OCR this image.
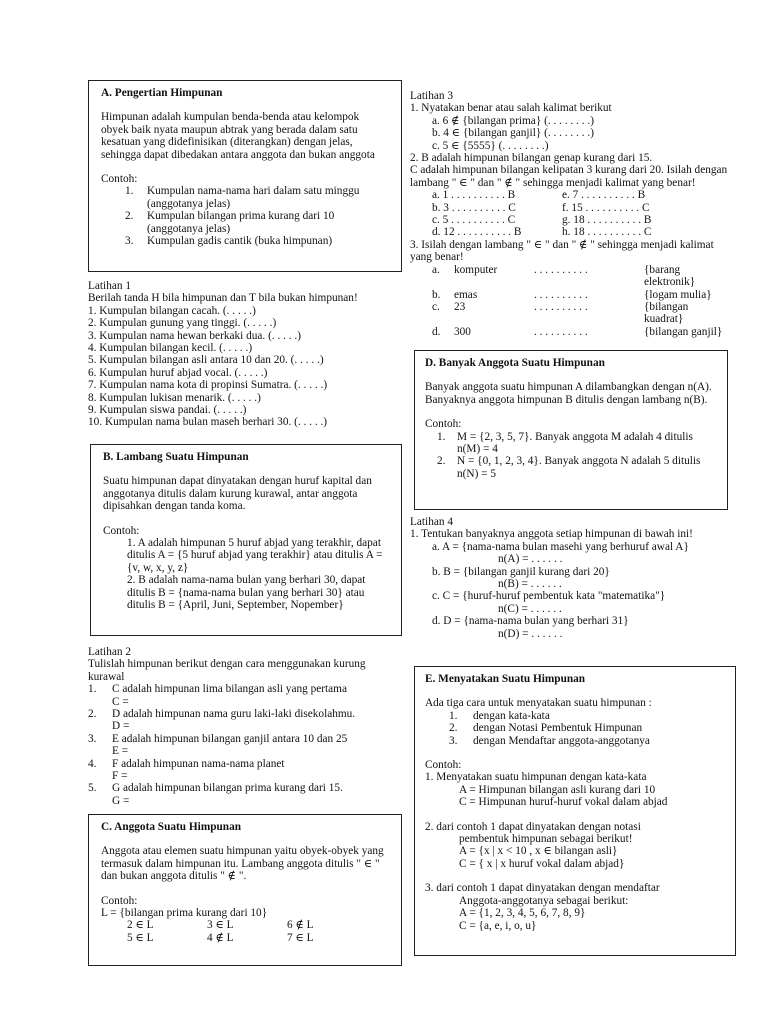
A. Pengertian Himpunan

Himpunan adalah kumpulan benda-benda atau kelompok obyek baik nyata maupun abtrak yang berada dalam satu kesatuan yang didefinisikan (diterangkan) dengan jelas, sehingga dapat dibedakan antara anggota dan bukan anggota

Contoh:

1.	Kumpulan nama-nama hari dalam satu minggu (anggotanya jelas)
2.	Kumpulan bilangan prima kurang dari 10 (anggotanya jelas)
3.	Kumpulan gadis cantik (buka himpunan)

Latihan 1

Berilah tanda H bila himpunan dan T bila bukan himpunan!

1. Kumpulan bilangan cacah. (. . . . .)

2. Kumpulan gunung yang tinggi. (. . . . .)

3. Kumpulan nama hewan berkaki dua. (. . . . .)

4. Kumpulan bilangan kecil. (. . . . .)

5. Kumpulan bilangan asli antara 10 dan 20. (. . . . .)

6. Kumpulan huruf abjad vocal. (. . . . .)

7. Kumpulan nama kota di propinsi Sumatra. (. . . . .)

8. Kumpulan lukisan menarik. (. . . . .)

9. Kumpulan siswa pandai. (. . . . .)

10. Kumpulan nama bulan maseh berhari 30. (. . . . .)

B. Lambang Suatu Himpunan

Suatu himpunan dapat dinyatakan dengan huruf kapital dan anggotanya ditulis dalam kurung kurawal, antar anggota dipisahkan dengan tanda koma.

Contoh:

1. A adalah himpunan 5 huruf abjad yang terakhir, dapat ditulis A = {5 huruf abjad yang terakhir} atau ditulis A = {v, w, x, y, z}

2. B adalah nama-nama bulan yang berhari 30, dapat ditulis B = {nama-nama bulan yang berhari 30} atau ditulis B = {April, Juni, September, Nopember}

Latihan 2

Tulislah himpunan berikut dengan cara menggunakan kurung kurawal

1.	C adalah himpunan lima bilangan asli yang pertama

C =

2.	D adalah himpunan nama guru laki-laki disekolahmu.

D =

3.	E adalah himpunan bilangan ganjil antara 10 dan 25

E =

4.	F adalah himpunan nama-nama planet

F =

5.	G adalah himpunan bilangan prima kurang dari 15.

G =

C. Anggota Suatu Himpunan

Anggota atau elemen suatu himpunan yaitu obyek-obyek yang termasuk dalam himpunan itu. Lambang anggota ditulis " ∈ " dan bukan anggota ditulis " ∉ ".

Contoh:

L = {bilangan prima kurang dari 10}

2 ∈ L	3 ∈ L	6 ∉ L
5 ∈ L	4 ∉ L	7 ∈ L

Latihan 3

1. Nyatakan benar atau salah kalimat berikut

a. 6 ∉ {bilangan prima} (. . . . . . . .)

b. 4 ∈ {bilangan ganjil} (. . . . . . . .)

c. 5 ∈ {5555} (. . . . . . . .)

2. B adalah himpunan bilangan genap kurang dari 15.

C adalah himpunan bilangan kelipatan 3 kurang dari 20. Isilah dengan lambang " ∈ " dan " ∉ " sehingga menjadi kalimat yang benar!

a. 1 . . . . . . . . . . B	e. 7 . . . . . . . . . . B
b. 3 . . . . . . . . . . C	f. 15 . . . . . . . . . . C
c. 5 . . . . . . . . . . C	g. 18 . . . . . . . . . . B
d. 12 . . . . . . . . . . B	h. 18 . . . . . . . . . . C

3. Isilah dengan lambang " ∈ " dan " ∉ " sehingga menjadi kalimat yang benar!

a.	komputer	. . . . . . . . . .	{barang elektronik}
b.	emas	. . . . . . . . . .	{logam mulia}
c.	23	. . . . . . . . . .	{bilangan kuadrat}
d.	300	. . . . . . . . . .	{bilangan ganjil}

D. Banyak Anggota Suatu Himpunan

Banyak anggota suatu himpunan A dilambangkan dengan n(A). Banyaknya anggota himpunan B ditulis dengan lambang n(B).

Contoh:

1.	M = {2, 3, 5, 7}. Banyak anggota M adalah 4 ditulis n(M) = 4
2.	N = {0, 1, 2, 3, 4}. Banyak anggota N adalah 5 ditulis n(N) = 5

Latihan 4

1. Tentukan banyaknya anggota setiap himpunan di bawah ini!

a. A = {nama-nama bulan masehi yang berhuruf awal A}

n(A) = . . . . . .

b. B = {bilangan ganjil kurang dari 20}

n(B) = . . . . . .

c. C = {huruf-huruf pembentuk kata "matematika"}

n(C) = . . . . . .

d. D = {nama-nama bulan yang berhari 31}

n(D) = . . . . . .

E. Menyatakan Suatu Himpunan

Ada tiga cara untuk menyatakan suatu himpunan :

1.	dengan kata-kata
2.	dengan Notasi Pembentuk Himpunan
3.	dengan Mendaftar anggota-anggotanya

Contoh:

1. Menyatakan suatu himpunan dengan kata-kata

A = Himpunan bilangan asli kurang dari 10

C = Himpunan huruf-huruf vokal dalam abjad

2. dari contoh 1 dapat dinyatakan dengan notasi

pembentuk himpunan sebagai berikut!

A = {x | x < 10 , x ∈ bilangan asli}

C = { x | x huruf vokal dalam abjad}

3. dari contoh 1 dapat dinyatakan dengan mendaftar

Anggota-anggotanya sebagai berikut:

A = {1, 2, 3, 4, 5, 6, 7, 8, 9}

C = {a, e, i, o, u}
